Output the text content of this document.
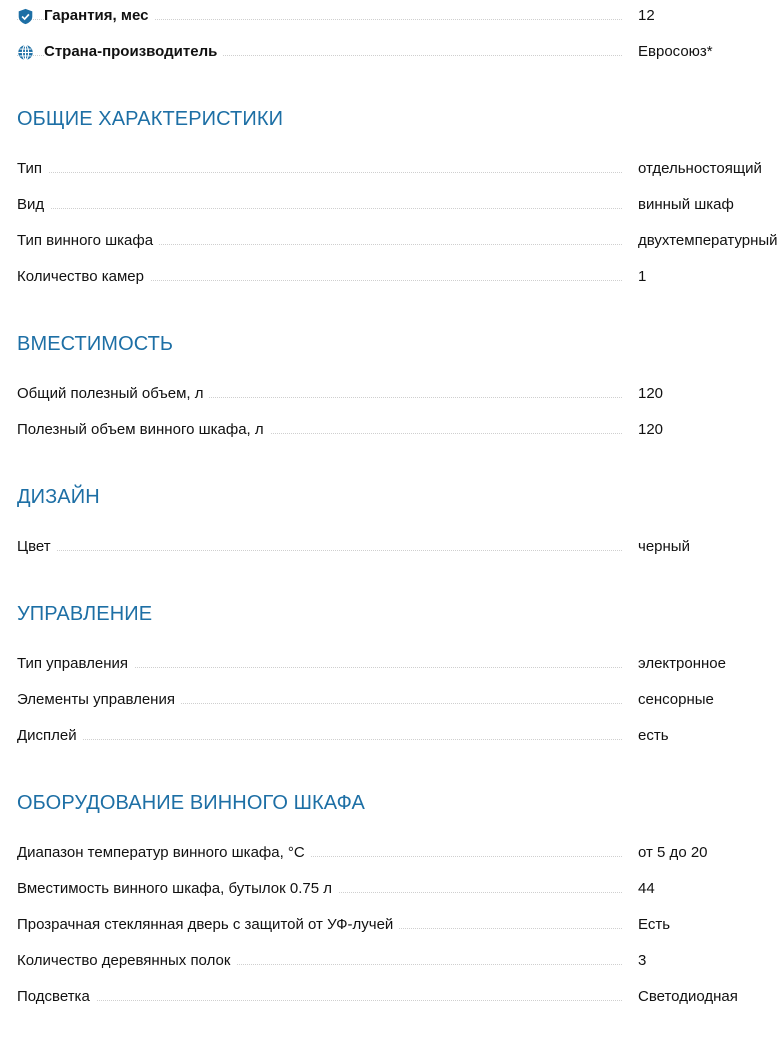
Гарантия, мес	12
Страна-производитель	Евросоюз*
ОБЩИЕ ХАРАКТЕРИСТИКИ
Тип	отдельностоящий
Вид	винный шкаф
Тип винного шкафа	двухтемпературный
Количество камер	1
ВМЕСТИМОСТЬ
Общий полезный объем, л	120
Полезный объем винного шкафа, л	120
ДИЗАЙН
Цвет	черный
УПРАВЛЕНИЕ
Тип управления	электронное
Элементы управления	сенсорные
Дисплей	есть
ОБОРУДОВАНИЕ ВИННОГО ШКАФА
Диапазон температур винного шкафа, °С	от 5 до 20
Вместимость винного шкафа, бутылок 0.75 л	44
Прозрачная стеклянная дверь с защитой от УФ-лучей	Есть
Количество деревянных полок	3
Подсветка	Светодиодная
